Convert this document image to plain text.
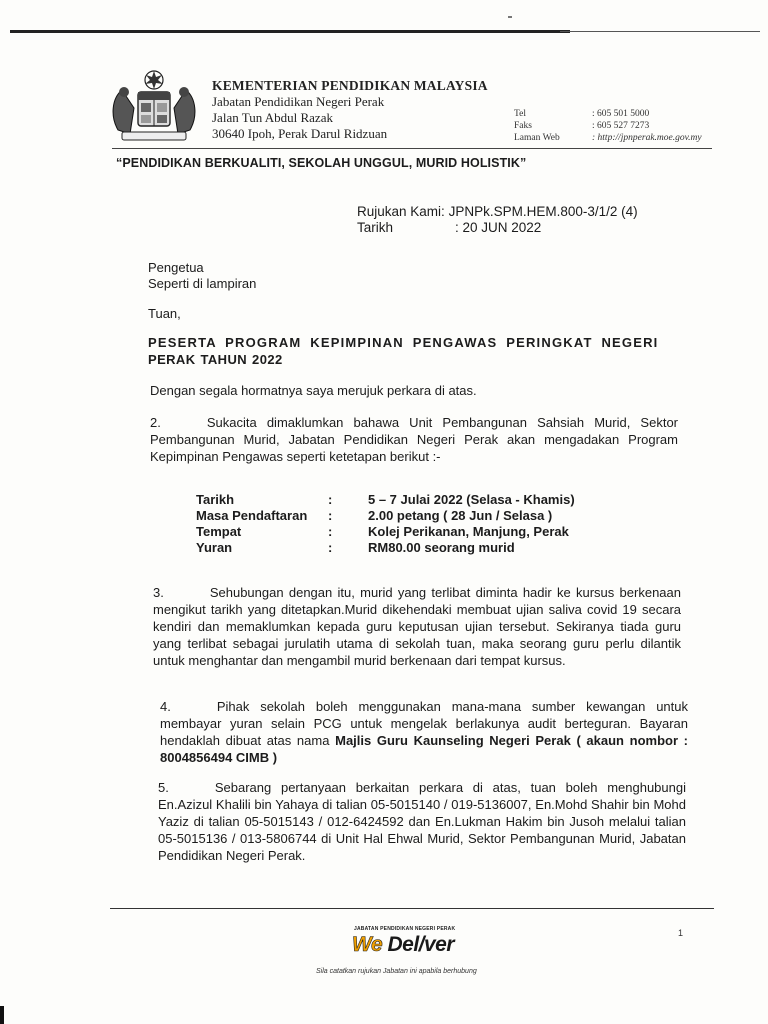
KEMENTERIAN PENDIDIKAN MALAYSIA
Jabatan Pendidikan Negeri Perak
Jalan Tun Abdul Razak
30640 Ipoh, Perak Darul Ridzuan
Tel	: 605 501 5000
Faks	: 605 527 7273
Laman Web	: http://jpnperak.moe.gov.my
“PENDIDIKAN BERKUALITI, SEKOLAH UNGGUL, MURID HOLISTIK”
Rujukan Kami:
JPNPk.SPM.HEM.800-3/1/2 (4)
Tarikh	: 20 JUN 2022
Pengetua
Seperti di lampiran
Tuan,
PESERTA PROGRAM KEPIMPINAN PENGAWAS PERINGKAT NEGERI
PERAK TAHUN 2022
Dengan segala hormatnya saya merujuk perkara di atas.
2.	Sukacita dimaklumkan bahawa Unit Pembangunan Sahsiah Murid, Sektor Pembangunan Murid, Jabatan Pendidikan Negeri Perak akan mengadakan Program Kepimpinan Pengawas seperti ketetapan berikut :-
Tarikh	:	5 – 7 Julai 2022 (Selasa - Khamis)
Masa Pendaftaran	:	2.00 petang ( 28 Jun / Selasa )
Tempat	:	Kolej Perikanan, Manjung, Perak
Yuran	:	RM80.00 seorang murid
3.	Sehubungan dengan itu, murid yang terlibat diminta hadir ke kursus berkenaan mengikut tarikh yang ditetapkan.Murid dikehendaki membuat ujian saliva covid 19 secara kendiri dan memaklumkan kepada guru keputusan ujian tersebut. Sekiranya tiada guru yang terlibat sebagai jurulatih utama di sekolah tuan, maka seorang guru perlu dilantik untuk menghantar dan mengambil murid berkenaan dari tempat kursus.
4.	Pihak sekolah boleh menggunakan mana-mana sumber kewangan untuk membayar yuran selain PCG untuk mengelak berlakunya audit berteguran. Bayaran hendaklah dibuat atas nama Majlis Guru Kaunseling Negeri Perak ( akaun nombor : 8004856494 CIMB )
5.	Sebarang pertanyaan berkaitan perkara di atas, tuan boleh menghubungi En.Azizul Khalili bin Yahaya di talian 05-5015140 / 019-5136007, En.Mohd Shahir bin Mohd Yaziz di talian 05-5015143 / 012-6424592 dan En.Lukman Hakim bin Jusoh melalui talian 05-5015136 / 013-5806744 di Unit Hal Ehwal Murid, Sektor Pembangunan Murid, Jabatan Pendidikan Negeri Perak.
JABATAN PENDIDIKAN NEGERI PERAK
We Del/ver	1
Sila catatkan rujukan Jabatan ini apabila berhubung
